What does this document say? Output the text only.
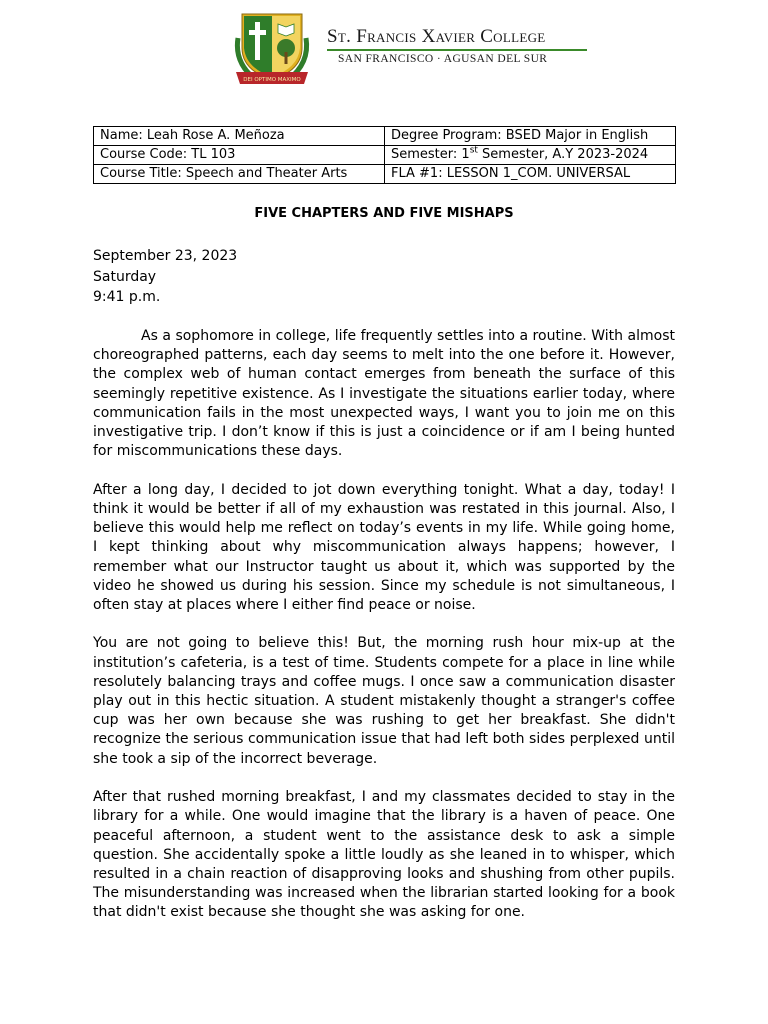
DEI OPTIMO MAXIMO
St. Francis Xavier College
SAN FRANCISCO · AGUSAN DEL SUR
Name: Leah Rose A. Meñoza	Degree Program: BSED Major in English
Course Code: TL 103	Semester: 1st Semester, A.Y 2023-2024
Course Title: Speech and Theater Arts	FLA #1: LESSON 1_COM. UNIVERSAL
FIVE CHAPTERS AND FIVE MISHAPS
September 23, 2023
Saturday
9:41 p.m.

As a sophomore in college, life frequently settles into a routine. With almost choreographed patterns, each day seems to melt into the one before it. However, the complex web of human contact emerges from beneath the surface of this seemingly repetitive existence. As I investigate the situations earlier today, where communication fails in the most unexpected ways, I want you to join me on this investigative trip. I don’t know if this is just a coincidence or if am I being hunted for miscommunications these days.

After a long day, I decided to jot down everything tonight. What a day, today! I think it would be better if all of my exhaustion was restated in this journal. Also, I believe this would help me reflect on today’s events in my life. While going home, I kept thinking about why miscommunication always happens; however, I remember what our Instructor taught us about it, which was supported by the video he showed us during his session. Since my schedule is not simultaneous, I often stay at places where I either find peace or noise.

You are not going to believe this! But, the morning rush hour mix-up at the institution’s cafeteria, is a test of time. Students compete for a place in line while resolutely balancing trays and coffee mugs. I once saw a communication disaster play out in this hectic situation. A student mistakenly thought a stranger's coffee cup was her own because she was rushing to get her breakfast. She didn't recognize the serious communication issue that had left both sides perplexed until she took a sip of the incorrect beverage.

After that rushed morning breakfast, I and my classmates decided to stay in the library for a while. One would imagine that the library is a haven of peace. One peaceful afternoon, a student went to the assistance desk to ask a simple question. She accidentally spoke a little loudly as she leaned in to whisper, which resulted in a chain reaction of disapproving looks and shushing from other pupils. The misunderstanding was increased when the librarian started looking for a book that didn't exist because she thought she was asking for one.
